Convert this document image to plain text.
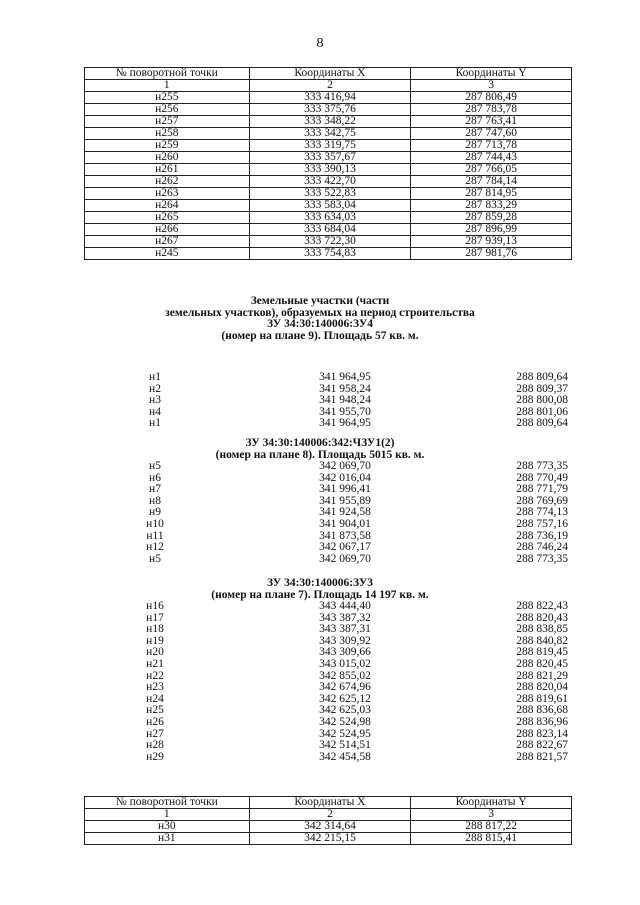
8
№ поворотной точки	Координаты X	Координаты Y
1	2	3
н255	333 416,94	287 806,49
н256	333 375,76	287 783,78
н257	333 348,22	287 763,41
н258	333 342,75	287 747,60
н259	333 319,75	287 713,78
н260	333 357,67	287 744,43
н261	333 390,13	287 766,05
н262	333 422,70	287 784,14
н263	333 522,83	287 814,95
н264	333 583,04	287 833,29
н265	333 634,03	287 859,28
н266	333 684,04	287 896,99
н267	333 722,30	287 939,13
н245	333 754,83	287 981,76
Земельные участки (части
земельных участков), образуемых на период строительства
ЗУ 34:30:140006:ЗУ4
(номер на плане 9). Площадь 57 кв. м.
н1	341 964,95	288 809,64
н2	341 958,24	288 809,37
н3	341 948,24	288 800,08
н4	341 955,70	288 801,06
н1	341 964,95	288 809,64
ЗУ 34:30:140006:342:ЧЗУ1(2)
(номер на плане 8). Площадь 5015 кв. м.
н5	342 069,70	288 773,35
н6	342 016,04	288 770,49
н7	341 996,41	288 771,79
н8	341 955,89	288 769,69
н9	341 924,58	288 774,13
н10	341 904,01	288 757,16
н11	341 873,58	288 736,19
н12	342 067,17	288 746,24
н5	342 069,70	288 773,35
ЗУ 34:30:140006:ЗУ3
(номер на плане 7). Площадь 14 197 кв. м.
н16	343 444,40	288 822,43
н17	343 387,32	288 820,43
н18	343 387,31	288 838,85
н19	343 309,92	288 840,82
н20	343 309,66	288 819,45
н21	343 015,02	288 820,45
н22	342 855,02	288 821,29
н23	342 674,96	288 820,04
н24	342 625,12	288 819,61
н25	342 625,03	288 836,68
н26	342 524,98	288 836,96
н27	342 524,95	288 823,14
н28	342 514,51	288 822,67
н29	342 454,58	288 821,57
№ поворотной точки	Координаты X	Координаты Y
1	2	3
н30	342 314,64	288 817,22
н31	342 215,15	288 815,41
